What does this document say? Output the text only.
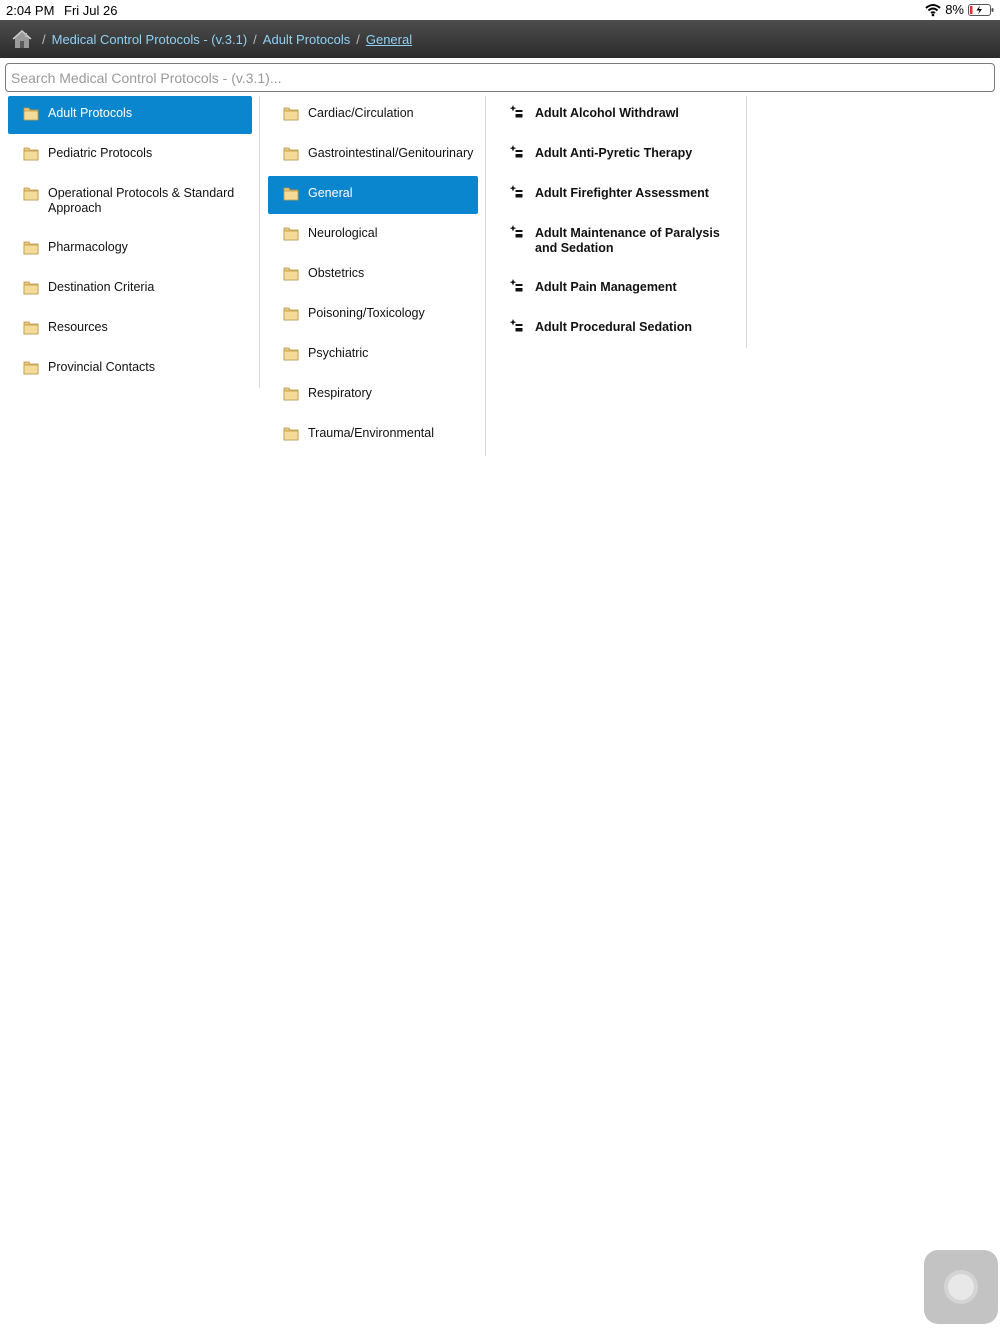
2:04 PM Fri Jul 26	8%
/ Medical Control Protocols - (v.3.1) / Adult Protocols / General
Search Medical Control Protocols - (v.3.1)...
Adult Protocols
Pediatric Protocols
Operational Protocols & Standard Approach
Pharmacology
Destination Criteria
Resources
Provincial Contacts
Cardiac/Circulation
Gastrointestinal/Genitourinary
General
Neurological
Obstetrics
Poisoning/Toxicology
Psychiatric
Respiratory
Trauma/Environmental
Adult Alcohol Withdrawl
Adult Anti-Pyretic Therapy
Adult Firefighter Assessment
Adult Maintenance of Paralysis and Sedation
Adult Pain Management
Adult Procedural Sedation
